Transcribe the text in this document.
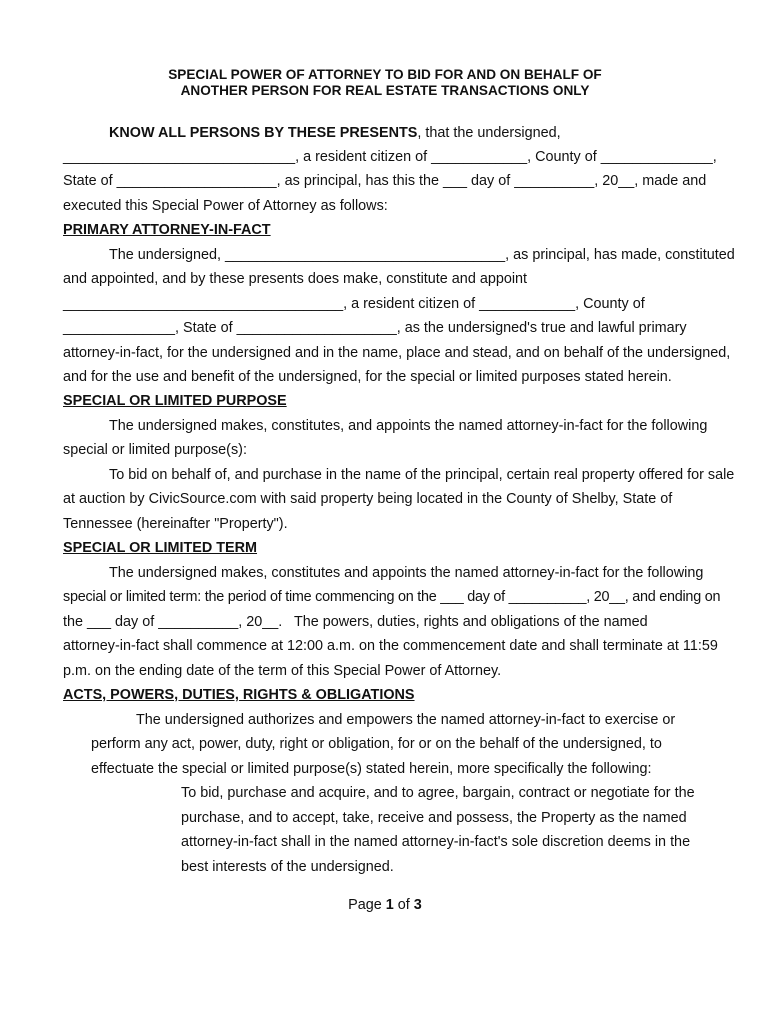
SPECIAL POWER OF ATTORNEY TO BID FOR AND ON BEHALF OF
ANOTHER PERSON FOR REAL ESTATE TRANSACTIONS ONLY
KNOW ALL PERSONS BY THESE PRESENTS, that the undersigned,
_____________________________, a resident citizen of ____________, County of ______________,
State of ____________________, as principal, has this the ___ day of __________, 20__, made and
executed this Special Power of Attorney as follows:
PRIMARY ATTORNEY-IN-FACT
The undersigned, ___________________________________, as principal, has made, constituted
and appointed, and by these presents does make, constitute and appoint
___________________________________, a resident citizen of ____________, County of
______________, State of ____________________, as the undersigned's true and lawful primary
attorney-in-fact, for the undersigned and in the name, place and stead, and on behalf of the undersigned,
and for the use and benefit of the undersigned, for the special or limited purposes stated herein.
SPECIAL OR LIMITED PURPOSE
The undersigned makes, constitutes, and appoints the named attorney-in-fact for the following
special or limited purpose(s):
To bid on behalf of, and purchase in the name of the principal, certain real property offered for sale
at auction by CivicSource.com with said property being located in the County of Shelby, State of
Tennessee (hereinafter "Property").
SPECIAL OR LIMITED TERM
The undersigned makes, constitutes and appoints the named attorney-in-fact for the following
special or limited term: the period of time commencing on the ___ day of __________, 20__, and ending on
the ___ day of __________, 20__.   The powers, duties, rights and obligations of the named
attorney-in-fact shall commence at 12:00 a.m. on the commencement date and shall terminate at 11:59
p.m. on the ending date of the term of this Special Power of Attorney.
ACTS, POWERS, DUTIES, RIGHTS & OBLIGATIONS
The undersigned authorizes and empowers the named attorney-in-fact to exercise or
perform any act, power, duty, right or obligation, for or on the behalf of the undersigned, to
effectuate the special or limited purpose(s) stated herein, more specifically the following:
To bid, purchase and acquire, and to agree, bargain, contract or negotiate for the
purchase, and to accept, take, receive and possess, the Property as the named
attorney-in-fact shall in the named attorney-in-fact's sole discretion deems in the
best interests of the undersigned.
Page 1 of 3
